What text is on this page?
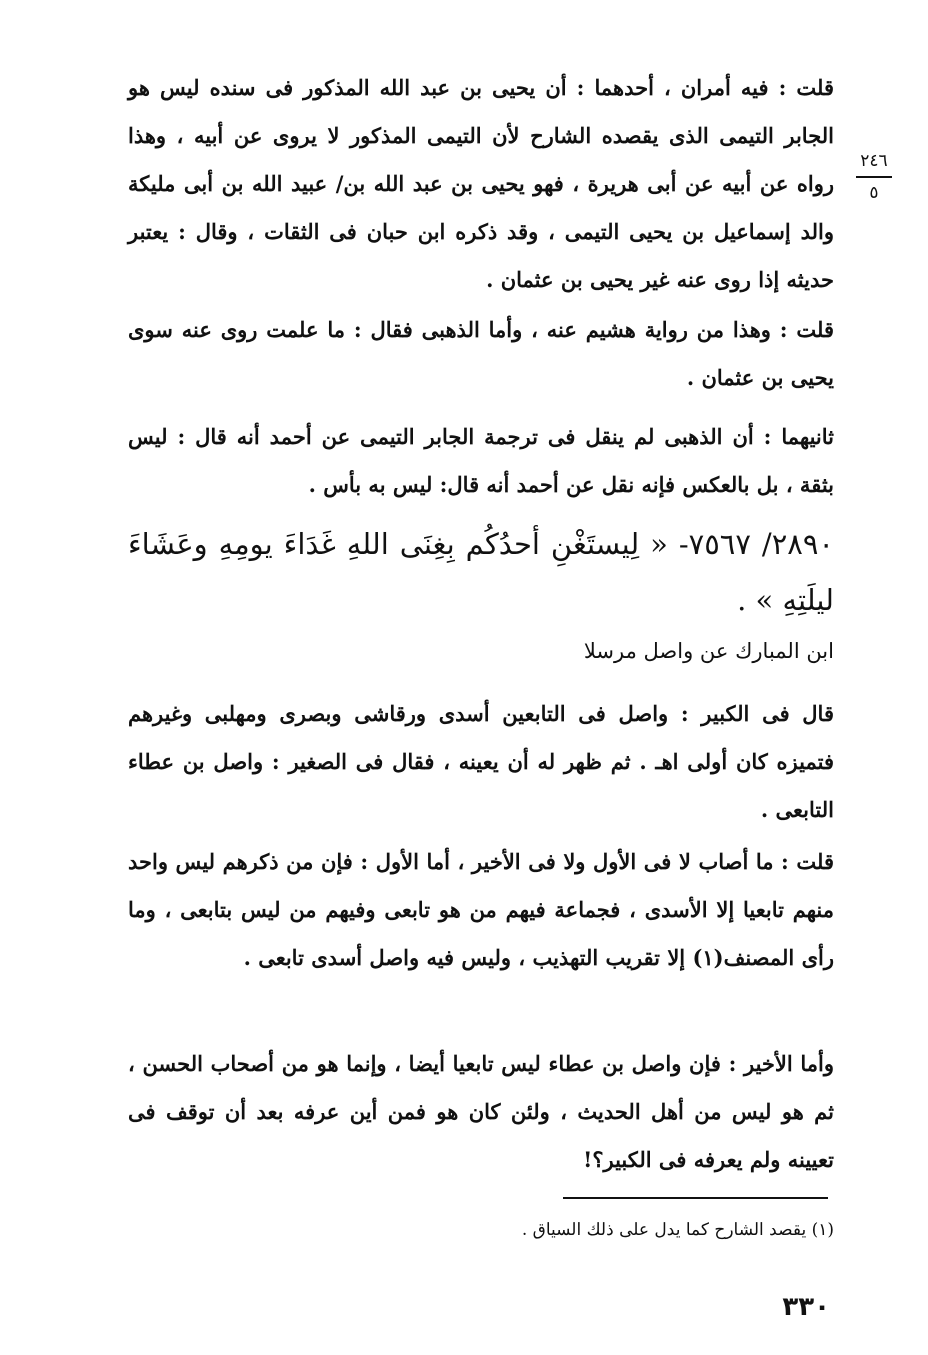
٢٤٦
٥

قلت : فيه أمران ، أحدهما : أن يحيى بن عبد الله المذكور فى سنده ليس هو الجابر التيمى الذى يقصده الشارح لأن التيمى المذكور لا يروى عن أبيه ، وهذا رواه عن أبيه عن أبى هريرة ، فهو يحيى بن عبد الله بن/ عبيد الله بن أبى مليكة والد إسماعيل بن يحيى التيمى ، وقد ذكره ابن حبان فى الثقات ، وقال : يعتبر حديثه إذا روى عنه غير يحيى بن عثمان .

قلت : وهذا من رواية هشيم عنه ، وأما الذهبى فقال : ما علمت روى عنه سوى يحيى بن عثمان .

ثانيهما : أن الذهبى لم ينقل فى ترجمة الجابر التيمى عن أحمد أنه قال : ليس بثقة ، بل بالعكس فإنه نقل عن أحمد أنه قال: ليس به بأس .

٢٨٩٠/ ٧٥٦٧- « لِيستَغْنِ أحدُكُم بِغِنَى اللهِ غَدَاءَ يومِهِ وعَشَاءَ ليلَتِهِ » .

ابن المبارك عن واصل مرسلا

قال فى الكبير : واصل فى التابعين أسدى ورقاشى وبصرى ومهلبى وغيرهم فتميزه كان أولى اهـ . ثم ظهر له أن يعينه ، فقال فى الصغير : واصل بن عطاء التابعى .

قلت : ما أصاب لا فى الأول ولا فى الأخير ، أما الأول : فإن من ذكرهم ليس واحد منهم تابعيا إلا الأسدى ، فجماعة فيهم من هو تابعى وفيهم من ليس بتابعى ، وما رأى المصنف(١) إلا تقريب التهذيب ، وليس فيه واصل أسدى تابعى .

وأما الأخير : فإن واصل بن عطاء ليس تابعيا أيضا ، وإنما هو من أصحاب الحسن ، ثم هو ليس من أهل الحديث ، ولئن كان هو فمن أين عرفه بعد أن توقف فى تعيينه ولم يعرفه فى الكبير؟!

(١) يقصد الشارح كما يدل على ذلك السياق .
٣٣٠
